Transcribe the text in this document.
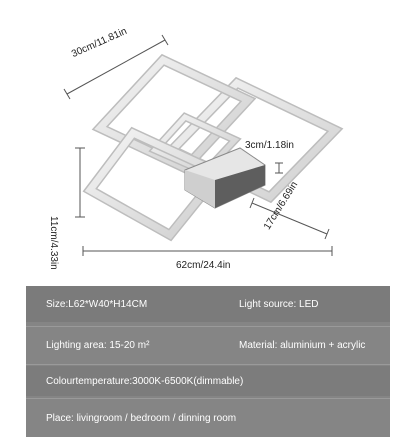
30cm/11.81in
3cm/1.18in
11cm/4.33in
17cm/6.69in
62cm/24.4in
Size:L62*W40*H14CM	Light source: LED
Lighting area: 15-20 m²	Material: aluminium + acrylic
Colourtemperature:3000K-6500K(dimmable)
Place: livingroom / bedroom / dinning room
